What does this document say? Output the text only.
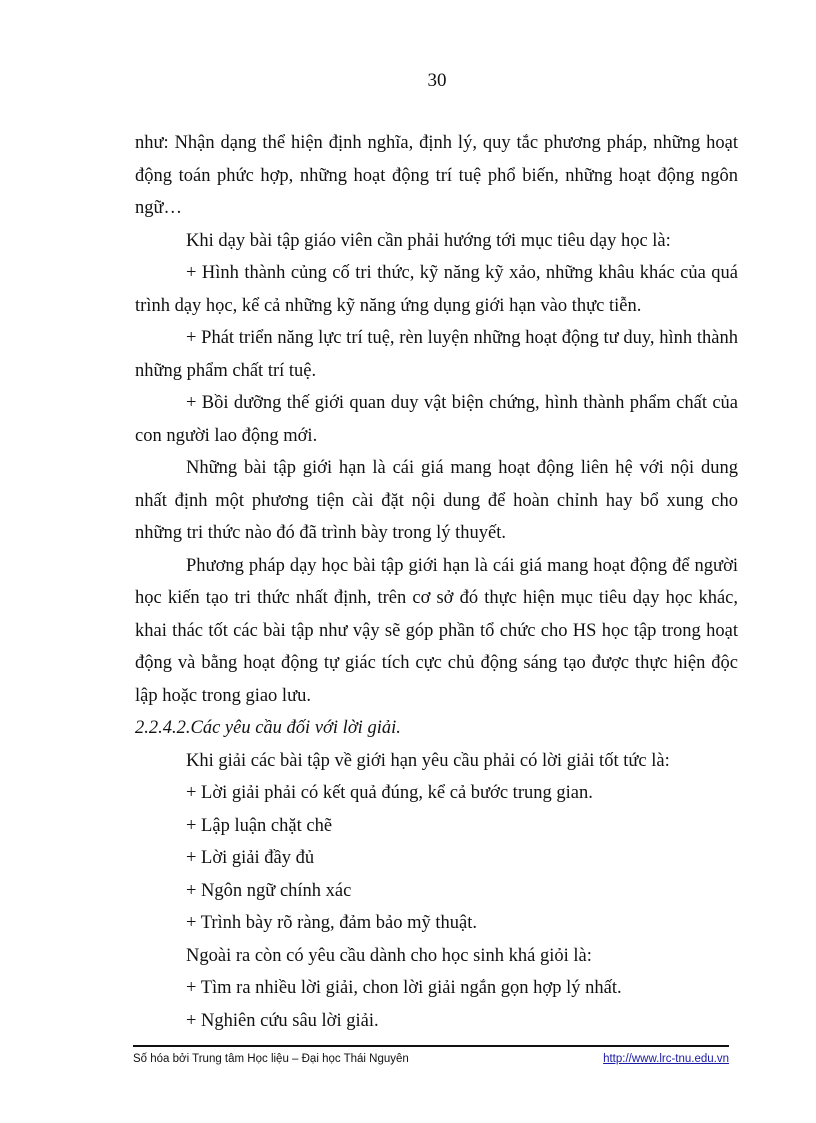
30

như: Nhận dạng thể hiện định nghĩa, định lý, quy tắc phương pháp, những hoạt động toán phức hợp, những hoạt động trí tuệ phổ biến, những hoạt động ngôn ngữ…

Khi dạy bài tập giáo viên cần phải hướng tới mục tiêu dạy học là:

+ Hình thành củng cố tri thức, kỹ năng kỹ xảo, những khâu khác của quá trình dạy học, kể cả những kỹ năng ứng dụng giới hạn vào thực tiễn.

+ Phát triển năng lực trí tuệ, rèn luyện những hoạt động tư duy, hình thành những phẩm chất trí tuệ.

+ Bồi dưỡng thế giới quan duy vật biện chứng, hình thành phẩm chất của con người lao động mới.

Những bài tập giới hạn là cái giá mang hoạt động liên hệ với nội dung nhất định một phương tiện cài đặt nội dung để hoàn chỉnh hay bổ xung cho những tri thức nào đó đã trình bày trong lý thuyết.

Phương pháp dạy học bài tập giới hạn là cái giá mang hoạt động để người học kiến tạo tri thức nhất định, trên cơ sở đó thực hiện mục tiêu dạy học khác, khai thác tốt các bài tập như vậy sẽ góp phần tổ chức cho HS học tập trong hoạt động và bằng hoạt động tự giác tích cực chủ động sáng tạo được thực hiện độc lập hoặc trong giao lưu.

2.2.4.2.Các yêu cầu đối với lời giải.

Khi giải các bài tập về giới hạn yêu cầu phải có lời giải tốt tức là:

+ Lời giải phải có kết quả đúng, kể cả bước trung gian.

+ Lập luận chặt chẽ

+ Lời giải đầy đủ

+ Ngôn ngữ chính xác

+ Trình bày rõ ràng, đảm bảo mỹ thuật.

Ngoài ra còn có yêu cầu dành cho học sinh khá giỏi là:

+ Tìm ra nhiều lời giải, chon lời giải ngắn gọn hợp lý nhất.

+ Nghiên cứu sâu lời giải.

Số hóa bởi Trung tâm Học liệu – Đại học Thái Nguyên	http://www.lrc-tnu.edu.vn
